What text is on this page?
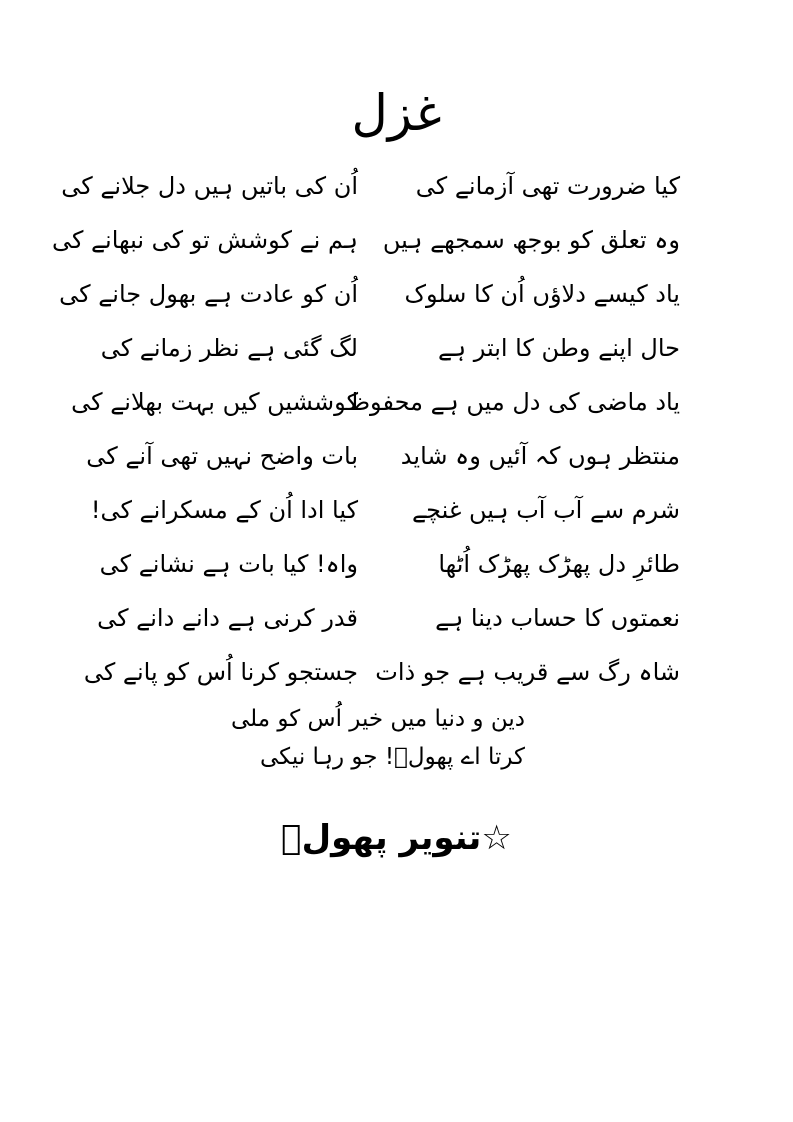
غزل
کیا ضرورت تھی آزمانے کی
اُن کی باتیں ہیں دل جلانے کی
وہ تعلق کو بوجھ سمجھے ہیں
ہم نے کوشش تو کی نبھانے کی
یاد کیسے دلاؤں اُن کا سلوک
اُن کو عادت ہے بھول جانے کی
حال اپنے وطن کا ابتر ہے
لگ گئی ہے نظر زمانے کی
یاد ماضی کی دل میں ہے محفوظ
کوششیں کیں بہت بھلانے کی
منتظر ہوں کہ آئیں وہ شاید
بات واضح نہیں تھی آنے کی
شرم سے آب آب ہیں غنچے
کیا ادا اُن کے مسکرانے کی!
طائرِ دل پھڑک پھڑک اُٹھا
واہ! کیا بات ہے نشانے کی
نعمتوں کا حساب دینا ہے
قدر کرنی ہے دانے دانے کی
شاہ رگ سے قریب ہے جو ذات
جستجو کرنا اُس کو پانے کی
دین و دنیا میں خیر اُس کو ملی
کرتا اے پھولؔ! جو رہا نیکی
☆تنویر پھولؔ
